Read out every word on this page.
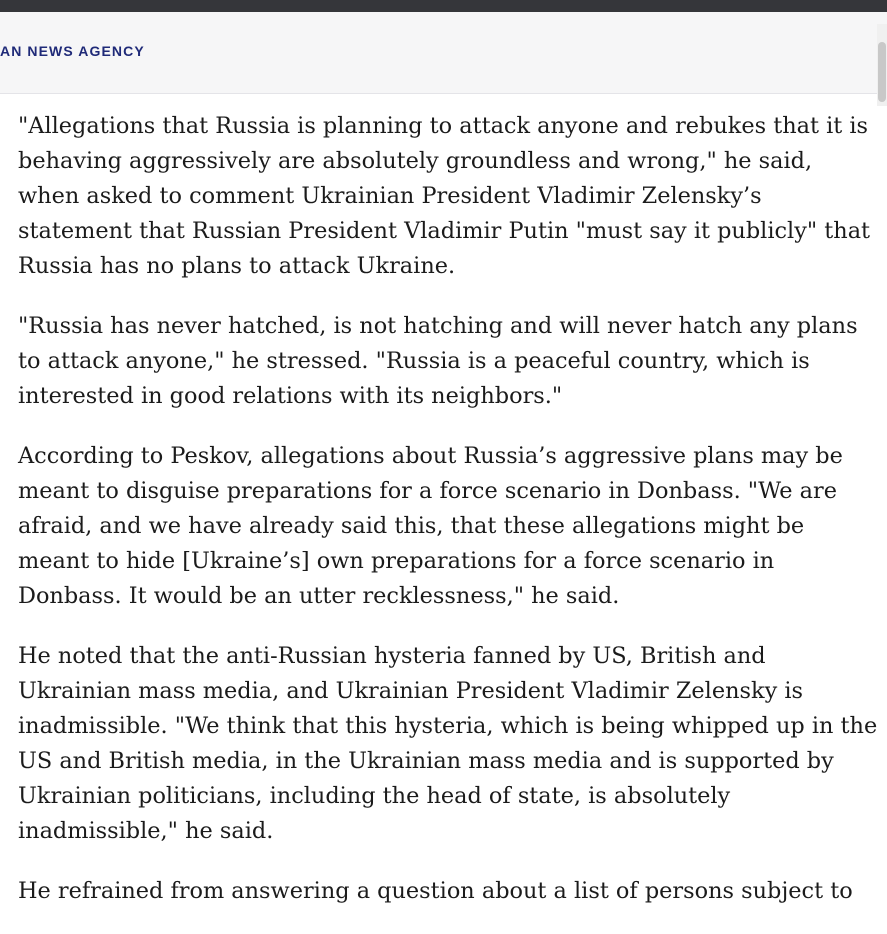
AN NEWS AGENCY

"Allegations that Russia is planning to attack anyone and rebukes that it is behaving aggressively are absolutely groundless and wrong," he said, when asked to comment Ukrainian President Vladimir Zelensky’s statement that Russian President Vladimir Putin "must say it publicly" that Russia has no plans to attack Ukraine.

"Russia has never hatched, is not hatching and will never hatch any plans to attack anyone," he stressed. "Russia is a peaceful country, which is interested in good relations with its neighbors."

According to Peskov, allegations about Russia’s aggressive plans may be meant to disguise preparations for a force scenario in Donbass. "We are afraid, and we have already said this, that these allegations might be meant to hide [Ukraine’s] own preparations for a force scenario in Donbass. It would be an utter recklessness," he said.

He noted that the anti-Russian hysteria fanned by US, British and Ukrainian mass media, and Ukrainian President Vladimir Zelensky is inadmissible. "We think that this hysteria, which is being whipped up in the US and British media, in the Ukrainian mass media and is supported by Ukrainian politicians, including the head of state, is absolutely inadmissible," he said.

He refrained from answering a question about a list of persons subject to
